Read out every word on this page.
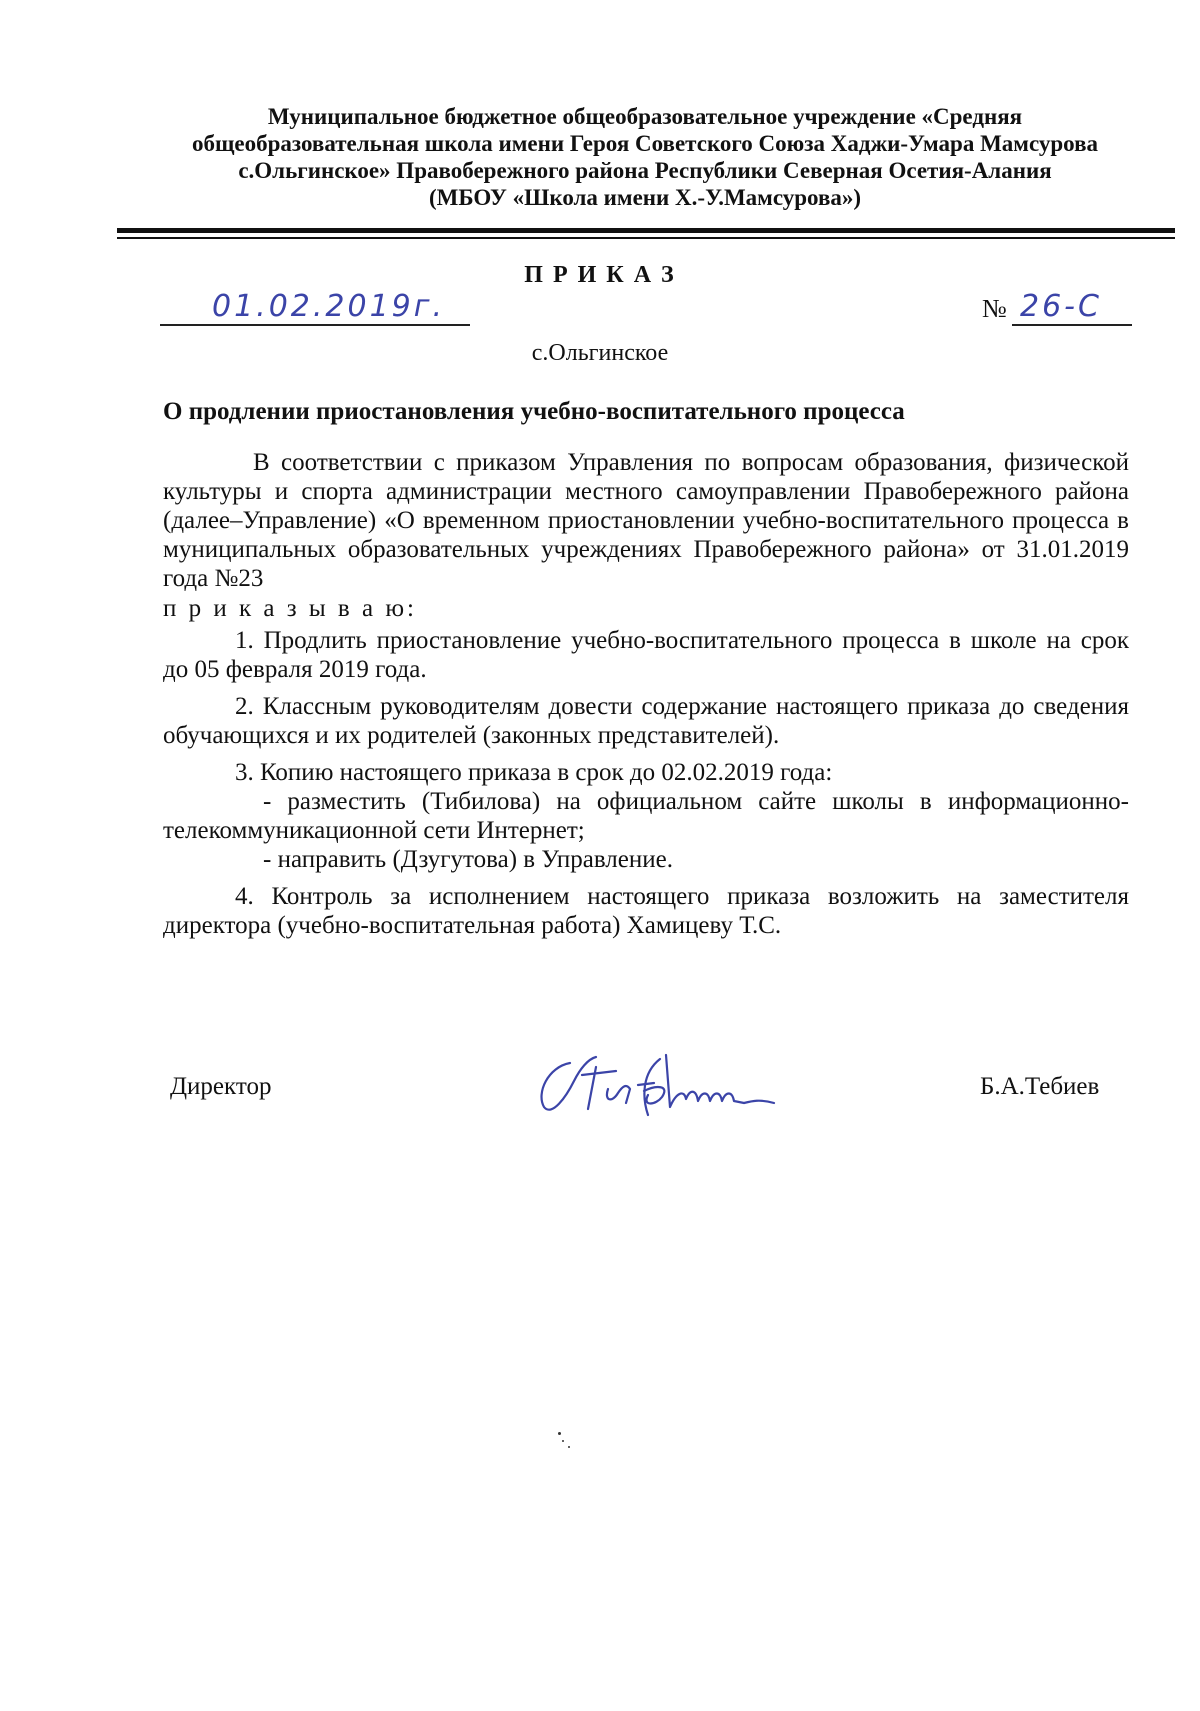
Муниципальное бюджетное общеобразовательное учреждение «Средняя
общеобразовательная школа имени Героя Советского Союза Хаджи-Умара Мамсурова
с.Ольгинское» Правобережного района Республики Северная Осетия-Алания
(МБОУ «Школа имени Х.-У.Мамсурова»)
П Р И К А З
01.02.2019г.	№ 26-С
с.Ольгинское
О продлении приостановления учебно-воспитательного процесса

В соответствии с приказом Управления по вопросам образования, физической культуры и спорта администрации местного самоуправлении Правобережного района (далее–Управление) «О временном приостановлении учебно-воспитательного процесса в муниципальных образовательных учреждениях Правобережного района» от 31.01.2019 года №23

п р и к а з ы в а ю:

1. Продлить приостановление учебно-воспитательного процесса в школе на срок до 05 февраля 2019 года.

2. Классным руководителям довести содержание настоящего приказа до сведения обучающихся и их родителей (законных представителей).

3. Копию настоящего приказа в срок до 02.02.2019 года:

- разместить (Тибилова) на официальном сайте школы в информационно-телекоммуникационной сети Интернет;

- направить (Дзугутова) в Управление.

4. Контроль за исполнением настоящего приказа возложить на заместителя директора (учебно-воспитательная работа) Хамицеву Т.С.

Директор	Б.А.Тебиев
